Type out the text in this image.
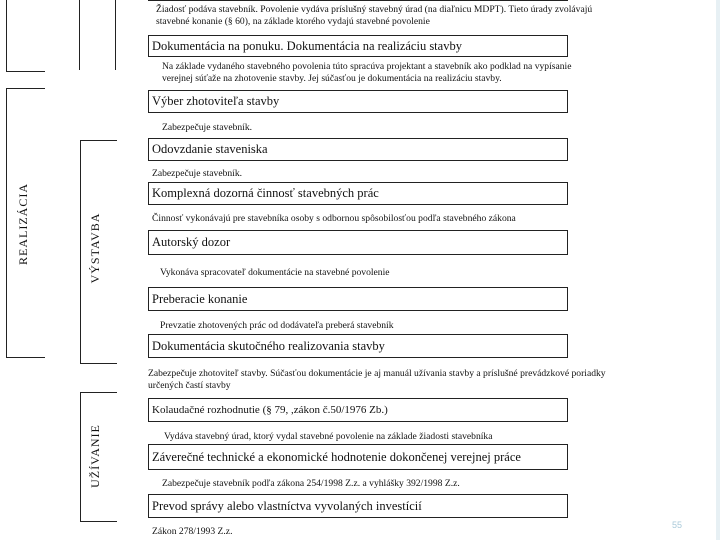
REALIZÁCIA	VÝSTAVBA
UŽÍVANIE
Žiadosť podáva stavebník. Povolenie vydáva príslušný stavebný úrad (na diaľnicu MDPT). Tieto úrady zvolávajú
stavebné konanie (§ 60), na základe ktorého vydajú stavebné povolenie
Dokumentácia na ponuku. Dokumentácia na realizáciu stavby
Na základe vydaného stavebného povolenia túto spracúva projektant a stavebník ako podklad na vypísanie
verejnej súťaže na zhotovenie stavby. Jej súčasťou je dokumentácia na realizáciu stavby.
Výber zhotoviteľa stavby
Zabezpečuje stavebník.
Odovzdanie staveniska
Zabezpečuje stavebník.
Komplexná dozorná činnosť stavebných prác
Činnosť vykonávajú pre stavebníka osoby s odbornou spôsobilosťou podľa stavebného zákona
Autorský dozor
Vykonáva spracovateľ dokumentácie na stavebné povolenie
Preberacie konanie
Prevzatie zhotovených prác od dodávateľa preberá stavebník
Dokumentácia skutočného realizovania stavby
Zabezpečuje zhotoviteľ stavby. Súčasťou dokumentácie je aj manuál užívania stavby a príslušné prevádzkové poriadky
určených častí stavby
Kolaudačné rozhodnutie (§ 79, ,zákon č.50/1976 Zb.)
Vydáva stavebný úrad, ktorý vydal stavebné povolenie na základe žiadosti stavebníka
Záverečné technické a ekonomické hodnotenie dokončenej verejnej práce
Zabezpečuje stavebník podľa zákona 254/1998 Z.z. a vyhlášky 392/1998 Z.z.
Prevod správy alebo vlastníctva vyvolaných investícií
Zákon 278/1993 Z.z.
55
